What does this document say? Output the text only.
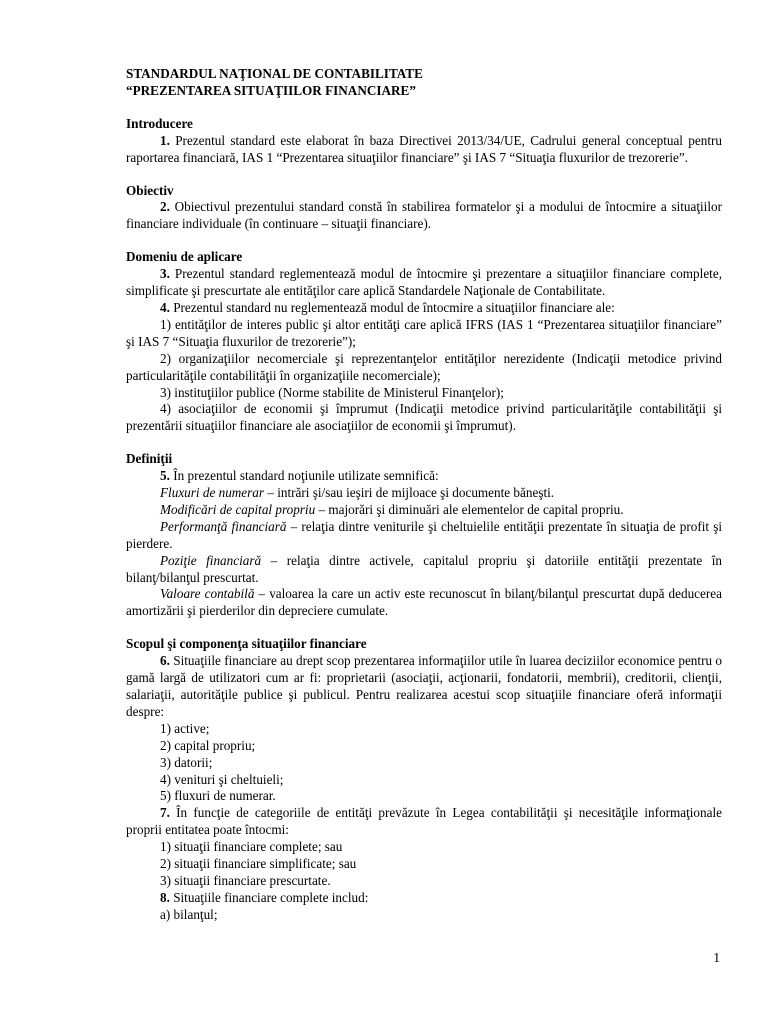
STANDARDUL NAŢIONAL DE CONTABILITATE

“PREZENTAREA SITUAŢIILOR FINANCIARE”

Introducere

1. Prezentul standard este elaborat în baza Directivei 2013/34/UE, Cadrului general conceptual pentru raportarea financiară, IAS 1 “Prezentarea situaţiilor financiare” şi IAS 7 “Situaţia fluxurilor de trezorerie”.

Obiectiv

2. Obiectivul prezentului standard constă în stabilirea formatelor şi a modului de întocmire a situaţiilor financiare individuale (în continuare – situaţii financiare).

Domeniu de aplicare

3. Prezentul standard reglementează modul de întocmire şi prezentare a situaţiilor financiare complete, simplificate şi prescurtate ale entităţilor care aplică Standardele Naţionale de Contabilitate.

4. Prezentul standard nu reglementează modul de întocmire a situaţiilor financiare ale:

1) entităţilor de interes public şi altor entităţi care aplică IFRS (IAS 1 “Prezentarea situaţiilor financiare” şi IAS 7 “Situaţia fluxurilor de trezorerie”);

2) organizaţiilor necomerciale şi reprezentanţelor entităţilor nerezidente (Indicaţii metodice privind particularităţile contabilităţii în organizaţiile necomerciale);

3) instituţiilor publice (Norme stabilite de Ministerul Finanţelor);

4) asociaţiilor de economii şi împrumut (Indicaţii metodice privind particularităţile contabilităţii şi prezentării situaţiilor financiare ale asociaţiilor de economii şi împrumut).

Definiţii

5. În prezentul standard noţiunile utilizate semnifică:

Fluxuri de numerar – intrări şi/sau ieşiri de mijloace şi documente băneşti.

Modificări de capital propriu – majorări şi diminuări ale elementelor de capital propriu.

Performanţă financiară – relaţia dintre veniturile şi cheltuielile entităţii prezentate în situaţia de profit şi pierdere.

Poziţie financiară – relaţia dintre activele, capitalul propriu şi datoriile entităţii prezentate în bilanţ/bilanţul prescurtat.

Valoare contabilă – valoarea la care un activ este recunoscut în bilanţ/bilanţul prescurtat după deducerea amortizării şi pierderilor din depreciere cumulate.

Scopul şi componenţa situaţiilor financiare

6. Situaţiile financiare au drept scop prezentarea informaţiilor utile în luarea deciziilor economice pentru o gamă largă de utilizatori cum ar fi: proprietarii (asociaţii, acţionarii, fondatorii, membrii), creditorii, clienţii, salariaţii, autorităţile publice şi publicul. Pentru realizarea acestui scop situaţiile financiare oferă informaţii despre:

1) active;

2) capital propriu;

3) datorii;

4) venituri şi cheltuieli;

5) fluxuri de numerar.

7. În funcţie de categoriile de entităţi prevăzute în Legea contabilităţii şi necesităţile informaţionale proprii entitatea poate întocmi:

1) situaţii financiare complete; sau

2) situaţii financiare simplificate; sau

3) situaţii financiare prescurtate.

8. Situaţiile financiare complete includ:

a) bilanţul;

1
